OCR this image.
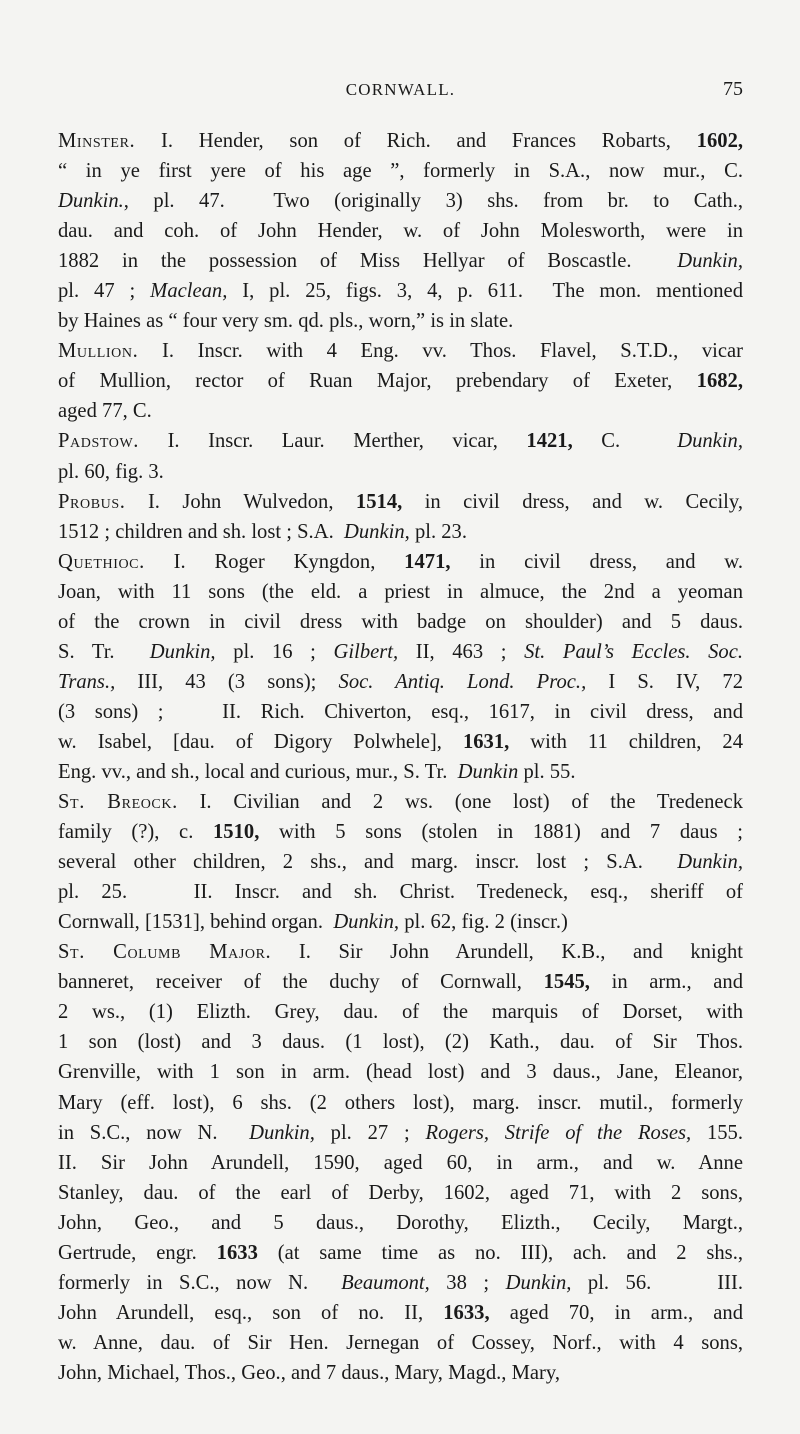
CORNWALL.	75
Minster. I. Hender, son of Rich. and Frances Robarts, 1602,
“ in ye first yere of his age ”, formerly in S.A., now mur., C.
Dunkin., pl. 47.  Two (originally 3) shs. from br. to Cath.,
dau. and coh. of John Hender, w. of John Molesworth, were in
1882 in the possession of Miss Hellyar of Boscastle.  Dunkin,
pl. 47 ; Maclean, I, pl. 25, figs. 3, 4, p. 611.  The mon. mentioned
by Haines as “ four very sm. qd. pls., worn,” is in slate.
Mullion. I. Inscr. with 4 Eng. vv. Thos. Flavel, S.T.D., vicar
of Mullion, rector of Ruan Major, prebendary of Exeter, 1682,
aged 77, C.
Padstow. I. Inscr. Laur. Merther, vicar, 1421, C.  Dunkin,
pl. 60, fig. 3.
Probus. I. John Wulvedon, 1514, in civil dress, and w. Cecily,
1512 ; children and sh. lost ; S.A.  Dunkin, pl. 23.
Quethioc. I. Roger Kyngdon, 1471, in civil dress, and w.
Joan, with 11 sons (the eld. a priest in almuce, the 2nd a yeoman
of the crown in civil dress with badge on shoulder) and 5 daus.
S. Tr.  Dunkin, pl. 16 ; Gilbert, II, 463 ; St. Paul’s Eccles. Soc.
Trans., III, 43 (3 sons); Soc. Antiq. Lond. Proc., I S. IV, 72
(3 sons) ;   II. Rich. Chiverton, esq., 1617, in civil dress, and
w. Isabel, [dau. of Digory Polwhele], 1631, with 11 children, 24
Eng. vv., and sh., local and curious, mur., S. Tr.  Dunkin pl. 55.
St. Breock. I. Civilian and 2 ws. (one lost) of the Tredeneck
family (?), c. 1510, with 5 sons (stolen in 1881) and 7 daus ;
several other children, 2 shs., and marg. inscr. lost ; S.A.  Dunkin,
pl. 25.   II. Inscr. and sh. Christ. Tredeneck, esq., sheriff of
Cornwall, [1531], behind organ.  Dunkin, pl. 62, fig. 2 (inscr.)
St. Columb Major. I. Sir John Arundell, K.B., and knight
banneret, receiver of the duchy of Cornwall, 1545, in arm., and
2 ws., (1) Elizth. Grey, dau. of the marquis of Dorset, with
1 son (lost) and 3 daus. (1 lost), (2) Kath., dau. of Sir Thos.
Grenville, with 1 son in arm. (head lost) and 3 daus., Jane, Eleanor,
Mary (eff. lost), 6 shs. (2 others lost), marg. inscr. mutil., formerly
in S.C., now N.  Dunkin, pl. 27 ; Rogers, Strife of the Roses, 155.
II. Sir John Arundell, 1590, aged 60, in arm., and w. Anne
Stanley, dau. of the earl of Derby, 1602, aged 71, with 2 sons,
John, Geo., and 5 daus., Dorothy, Elizth., Cecily, Margt.,
Gertrude, engr. 1633 (at same time as no. III), ach. and 2 shs.,
formerly in S.C., now N.  Beaumont, 38 ; Dunkin, pl. 56.    III.
John Arundell, esq., son of no. II, 1633, aged 70, in arm., and
w. Anne, dau. of Sir Hen. Jernegan of Cossey, Norf., with 4 sons,
John, Michael, Thos., Geo., and 7 daus., Mary, Magd., Mary,
